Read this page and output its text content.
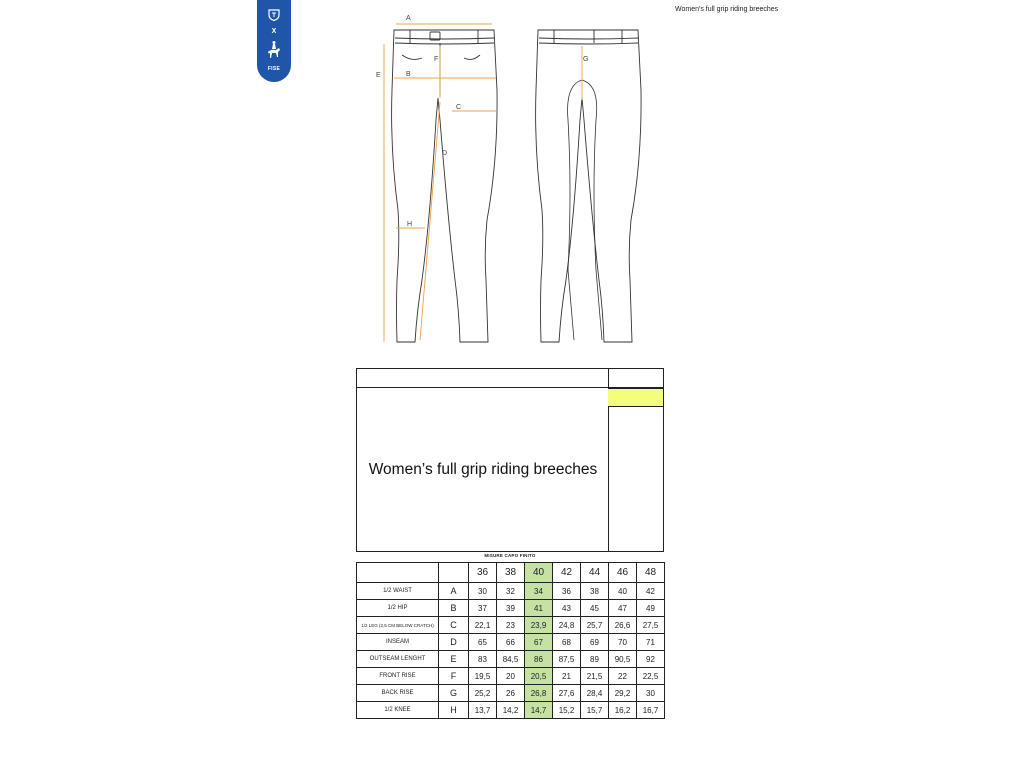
X
FISE
Women's full grip riding breeches
A
B
C
D
E
F	G
H
Women’s full grip riding breeches
MISURE CAPO FINITO
		36	38	40	42	44	46	48
1/2 WAIST	A	30	32	34	36	38	40	42
1/2 HIP	B	37	39	41	43	45	47	49
1/2 LEG (2,5 CM BELOW CRATCH)	C	22,1	23	23,9	24,8	25,7	26,6	27,5
INSEAM	D	65	66	67	68	69	70	71
OUTSEAM LENGHT	E	83	84,5	86	87,5	89	90,5	92
FRONT RISE	F	19,5	20	20,5	21	21,5	22	22,5
BACK RISE	G	25,2	26	26,8	27,6	28,4	29,2	30
1/2 KNEE	H	13,7	14,2	14,7	15,2	15,7	16,2	16,7
